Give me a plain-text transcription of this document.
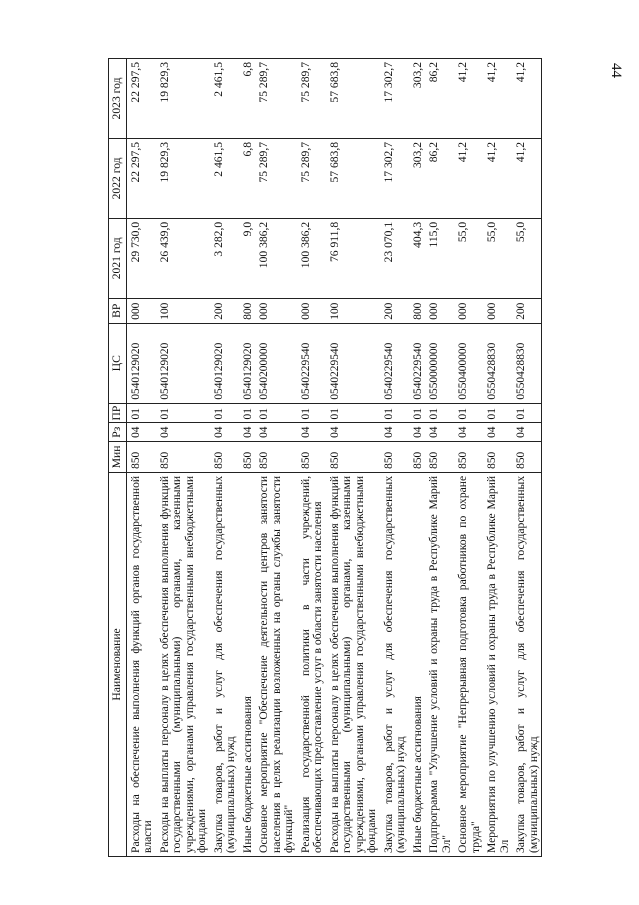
44
Наименование	Мин	Рз	ПР	ЦС	ВР	2021 год	2022 год	2023 год
Расходы на обеспечение выполнения функций органов государственной власти	850	04	01	0540129020	000	29 730,0	22 297,5	22 297,5
Расходы на выплаты персоналу в целях обеспечения выполнения функций государственными (муниципальными) органами, казенными учреждениями, органами управления государственными внебюджетными фондами	850	04	01	0540129020	100	26 439,0	19 829,3	19 829,3
Закупка товаров, работ и услуг для обеспечения государственных (муниципальных) нужд	850	04	01	0540129020	200	3 282,0	2 461,5	2 461,5
Иные бюджетные ассигнования	850	04	01	0540129020	800	9,0	6,8	6,8
Основное мероприятие "Обеспечение деятельности центров занятости населения в целях реализации возложенных на органы службы занятости функций"	850	04	01	0540200000	000	100 386,2	75 289,7	75 289,7
Реализация государственной политики в части учреждений, обеспечивающих предоставление услуг в области занятости населения	850	04	01	0540229540	000	100 386,2	75 289,7	75 289,7
Расходы на выплаты персоналу в целях обеспечения выполнения функций государственными (муниципальными) органами, казенными учреждениями, органами управления государственными внебюджетными фондами	850	04	01	0540229540	100	76 911,8	57 683,8	57 683,8
Закупка товаров, работ и услуг для обеспечения государственных (муниципальных) нужд	850	04	01	0540229540	200	23 070,1	17 302,7	17 302,7
Иные бюджетные ассигнования	850	04	01	0540229540	800	404,3	303,2	303,2
Подпрограмма "Улучшение условий и охраны труда в Республике Марий Эл"	850	04	01	0550000000	000	115,0	86,2	86,2
Основное мероприятие "Непрерывная подготовка работников по охране труда"	850	04	01	0550400000	000	55,0	41,2	41,2
Мероприятия по улучшению условий и охраны труда в Республике Марий Эл	850	04	01	0550428830	000	55,0	41,2	41,2
Закупка товаров, работ и услуг для обеспечения государственных (муниципальных) нужд	850	04	01	0550428830	200	55,0	41,2	41,2
